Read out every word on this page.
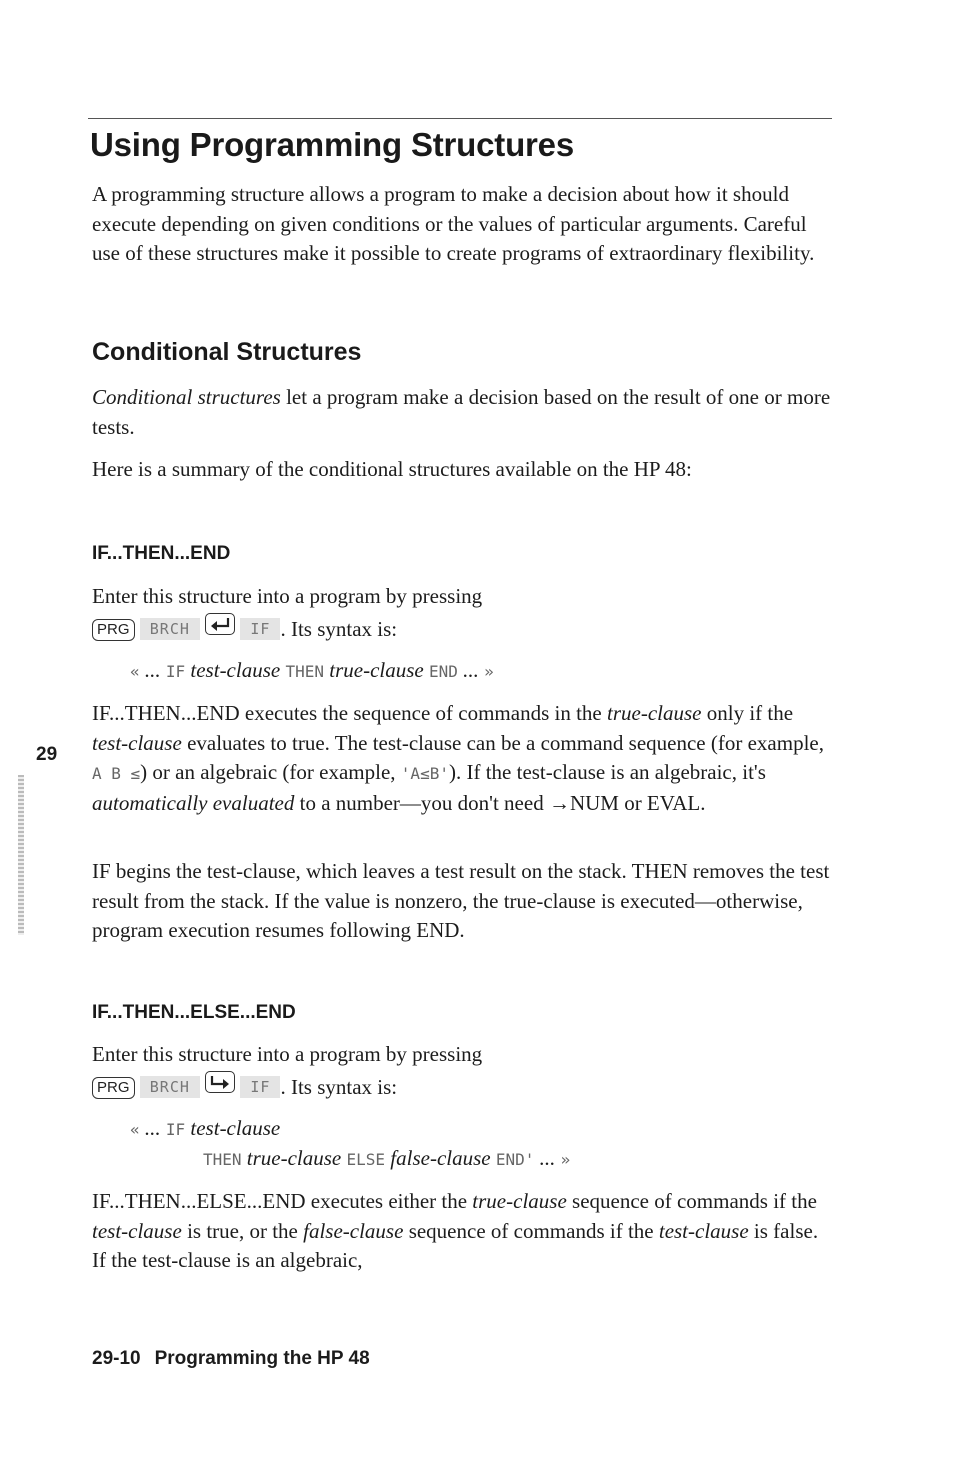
Using Programming Structures

A programming structure allows a program to make a decision about how it should execute depending on given conditions or the values of particular arguments. Careful use of these structures make it possible to create programs of extraordinary flexibility.

Conditional Structures

Conditional structures let a program make a decision based on the result of one or more tests.

Here is a summary of the conditional structures available on the HP 48:

IF...THEN...END

Enter this structure into a program by pressing

PRG BRCH	IF . Its syntax is:

« ... IF test-clause THEN true-clause END ... »

IF...THEN...END executes the sequence of commands in the true-clause only if the test-clause evaluates to true. The test-clause can be a command sequence (for example, A B ≤) or an algebraic (for example, 'A≤B'). If the test-clause is an algebraic, it's automatically evaluated to a number—you don't need →NUM or EVAL.

IF begins the test-clause, which leaves a test result on the stack. THEN removes the test result from the stack. If the value is nonzero, the true-clause is executed—otherwise, program execution resumes following END.

IF...THEN...ELSE...END

Enter this structure into a program by pressing

PRG BRCH	IF . Its syntax is:

« ... IF test-clause

THEN true-clause ELSE false-clause END' ... »

IF...THEN...ELSE...END executes either the true-clause sequence of commands if the test-clause is true, or the false-clause sequence of commands if the test-clause is false. If the test-clause is an algebraic,

29
29-10 Programming the HP 48
